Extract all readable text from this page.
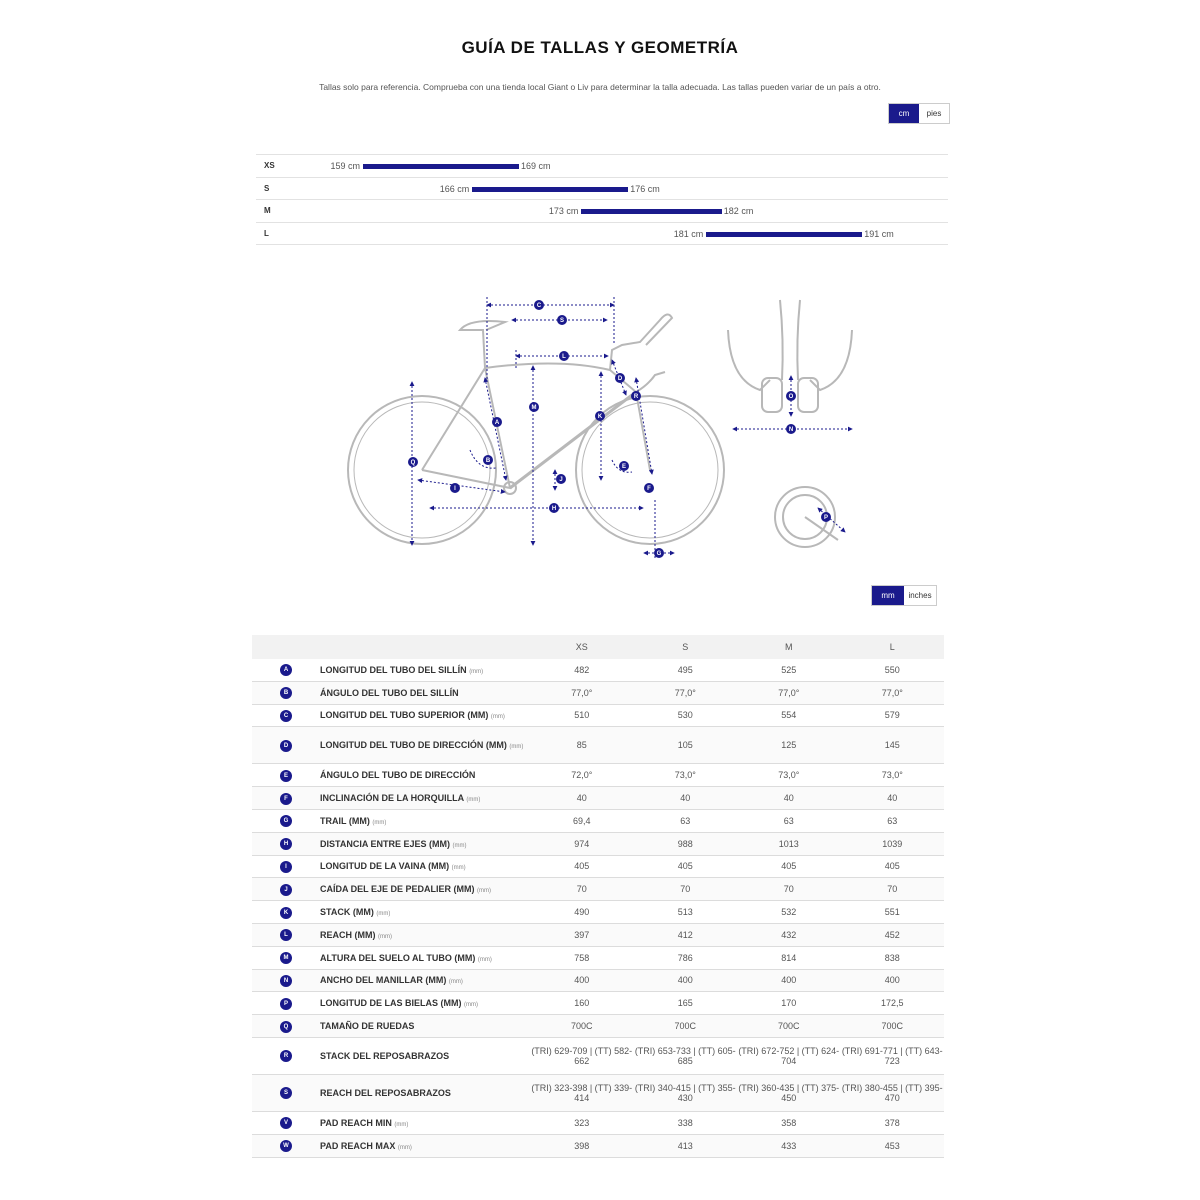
GUÍA DE TALLAS Y GEOMETRÍA
Tallas solo para referencia. Comprueba con una tienda local Giant o Liv para determinar la talla adecuada. Las tallas pueden variar de un país a otro.
cm	pies
XS	159 cm	169 cm
S	166 cm	176 cm
M	173 cm	182 cm
L	181 cm	191 cm
A
B
C
D
E
F
G
H
I
J
K
L
M
N
O
P
Q
R
S
mm	inches
		XS	S	M	L
A	LONGITUD DEL TUBO DEL SILLÍN (mm)	482	495	525	550
B	ÁNGULO DEL TUBO DEL SILLÍN	77,0°	77,0°	77,0°	77,0°
C	LONGITUD DEL TUBO SUPERIOR (MM) (mm)	510	530	554	579
D	LONGITUD DEL TUBO DE DIRECCIÓN (MM) (mm)	85	105	125	145
E	ÁNGULO DEL TUBO DE DIRECCIÓN	72,0°	73,0°	73,0°	73,0°
F	INCLINACIÓN DE LA HORQUILLA (mm)	40	40	40	40
G	TRAIL (MM) (mm)	69,4	63	63	63
H	DISTANCIA ENTRE EJES (MM) (mm)	974	988	1013	1039
I	LONGITUD DE LA VAINA (MM) (mm)	405	405	405	405
J	CAÍDA DEL EJE DE PEDALIER (MM) (mm)	70	70	70	70
K	STACK (MM) (mm)	490	513	532	551
L	REACH (MM) (mm)	397	412	432	452
M	ALTURA DEL SUELO AL TUBO (MM) (mm)	758	786	814	838
N	ANCHO DEL MANILLAR (MM) (mm)	400	400	400	400
P	LONGITUD DE LAS BIELAS (MM) (mm)	160	165	170	172,5
Q	TAMAÑO DE RUEDAS	700C	700C	700C	700C
R	STACK DEL REPOSABRAZOS	(TRI) 629-709 | (TT) 582-662	(TRI) 653-733 | (TT) 605-685	(TRI) 672-752 | (TT) 624-704	(TRI) 691-771 | (TT) 643-723
S	REACH DEL REPOSABRAZOS	(TRI) 323-398 | (TT) 339-414	(TRI) 340-415 | (TT) 355-430	(TRI) 360-435 | (TT) 375-450	(TRI) 380-455 | (TT) 395-470
V	PAD REACH MIN (mm)	323	338	358	378
W	PAD REACH MAX (mm)	398	413	433	453
